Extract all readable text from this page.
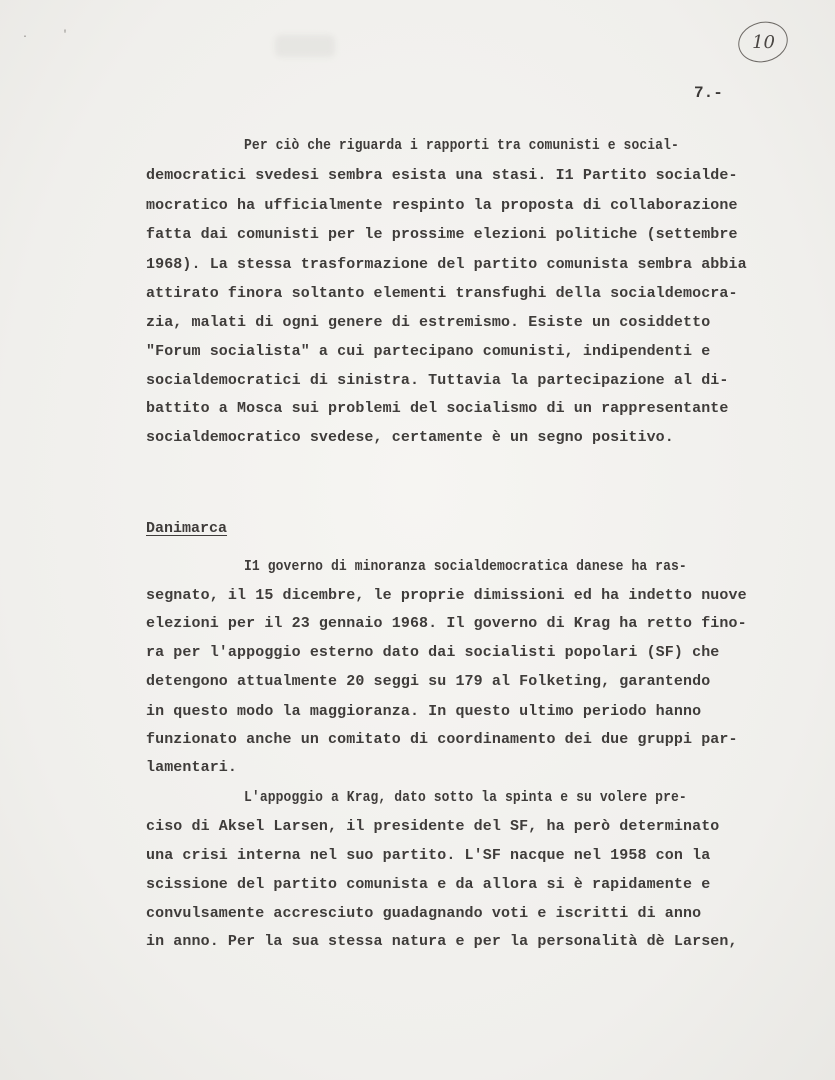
. '	10
7.-
Per ciò che riguarda i rapporti tra comunisti e social-
democratici svedesi sembra esista una stasi. I1 Partito socialde-
mocratico ha ufficialmente respinto la proposta di collaborazione
fatta dai comunisti per le prossime elezioni politiche (settembre
1968). La stessa trasformazione del partito comunista sembra abbia
attirato finora soltanto elementi transfughi della socialdemocra-
zia, malati di ogni genere di estremismo. Esiste un cosiddetto
"Forum socialista" a cui partecipano comunisti, indipendenti e
socialdemocratici di sinistra. Tuttavia la partecipazione al di-
battito a Mosca sui problemi del socialismo di un rappresentante
socialdemocratico svedese, certamente è un segno positivo.
Danimarca
I1 governo di minoranza socialdemocratica danese ha ras-
segnato, il 15 dicembre, le proprie dimissioni ed ha indetto nuove
elezioni per il 23 gennaio 1968. Il governo di Krag ha retto fino-
ra per l'appoggio esterno dato dai socialisti popolari (SF) che
detengono attualmente 20 seggi su 179 al Folketing, garantendo
in questo modo la maggioranza. In questo ultimo periodo hanno
funzionato anche un comitato di coordinamento dei due gruppi par-
lamentari.
L'appoggio a Krag, dato sotto la spinta e su volere pre-
ciso di Aksel Larsen, il presidente del SF, ha però determinato
una crisi interna nel suo partito. L'SF nacque nel 1958 con la
scissione del partito comunista e da allora si è rapidamente e
convulsamente accresciuto guadagnando voti e iscritti di anno
in anno. Per la sua stessa natura e per la personalità dè Larsen,
